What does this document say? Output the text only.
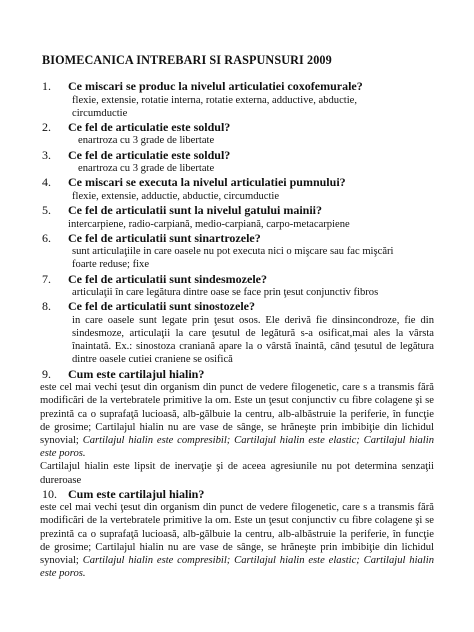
BIOMECANICA INTREBARI SI RASPUNSURI 2009
1. Ce miscari se produc la nivelul articulatiei coxofemurale?
flexie, extensie, rotatie interna, rotatie externa, adductive, abductie,
circumductie
2. Ce fel de articulatie este soldul?
enartroza cu 3 grade de libertate
3. Ce fel de articulatie este soldul?
enartroza cu 3 grade de libertate
4. Ce miscari se executa la nivelul articulatiei pumnului?
flexie, extensie, adductie, abductie, circumductie
5. Ce fel de articulatii sunt la nivelul gatului mainii?
intercarpiene, radio-carpiană, medio-carpiană, carpo-metacarpiene
6. Ce fel de articulatii sunt sinartrozele?
sunt articulaţiile in care oasele nu pot executa nici o mişcare sau fac mişcări
foarte reduse; fixe
7. Ce fel de articulatii sunt sindesmozele?
articulaţii în care legătura dintre oase se face prin ţesut conjunctiv fibros
8. Ce fel de articulatii sunt sinostozele?
in care oasele sunt legate prin ţesut osos. Ele derivă fie dinsincondroze, fie din sindesmoze, articulaţii la care ţesutul de legătură s-a osificat,mai ales la vârsta înaintată. Ex.: sinostoza craniană apare la o vârstă înaintă, când ţesutul de legătura dintre oasele cutiei craniene se osifică
9. Cum este cartilajul hialin?
este cel mai vechi ţesut din organism din punct de vedere filogenetic, care s a transmis fără modificări de la vertebratele primitive la om. Este un ţesut conjunctiv cu fibre colagene şi se prezintă ca o suprafaţă lucioasă, alb-gălbuie la centru, alb-albăstruie la periferie, în funcţie de grosime; Cartilajul hialin nu are vase de sânge, se hrăneşte prin imbibiţie din lichidul synovial; Cartilajul hialin este compresibil; Cartilajul hialin este elastic; Cartilajul hialin este poros.
Cartilajul hialin este lipsit de inervaţie şi de aceea agresiunile nu pot determina senzaţii dureroase
10. Cum este cartilajul hialin?
este cel mai vechi ţesut din organism din punct de vedere filogenetic, care s a transmis fără modificări de la vertebratele primitive la om. Este un ţesut conjunctiv cu fibre colagene şi se prezintă ca o suprafaţă lucioasă, alb-gălbuie la centru, alb-albăstruie la periferie, în funcţie de grosime; Cartilajul hialin nu are vase de sânge, se hrăneşte prin imbibiţie din lichidul synovial; Cartilajul hialin este compresibil; Cartilajul hialin este elastic; Cartilajul hialin este poros.
